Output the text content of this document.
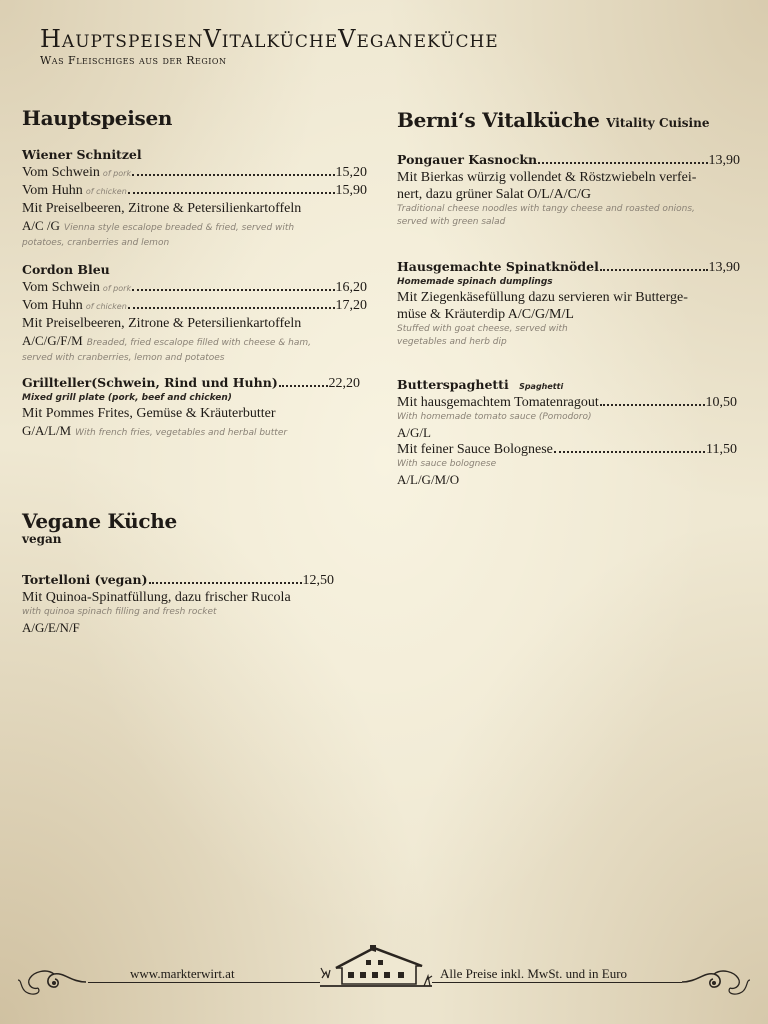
HauptspeisenVitalkücheVeganeküche
Was Fleischiges aus der Region
Hauptspeisen
Wiener Schnitzel
Vom Schwein of pork	15,20
Vom Huhn of chicken	15,90
Mit Preiselbeeren, Zitrone & Petersilienkartoffeln
A/C /G Vienna style escalope breaded & fried, served with
potatoes, cranberries and lemon
Cordon Bleu
Vom Schwein of pork	16,20
Vom Huhn of chicken	17,20
Mit Preiselbeeren, Zitrone & Petersilienkartoffeln
A/C/G/F/M Breaded, fried escalope filled with cheese & ham,
served with cranberries, lemon and potatoes
Grillteller(Schwein, Rind und Huhn)	22,20
Mixed grill plate (pork, beef and chicken)
Mit Pommes Frites, Gemüse & Kräuterbutter
G/A/L/M With french fries, vegetables and herbal butter
Vegane Küche
vegan
Tortelloni (vegan)	12,50
Mit Quinoa-Spinatfüllung, dazu frischer Rucola
with quinoa spinach filling and fresh rocket
A/G/E/N/F
Berni‘s Vitalküche Vitality Cuisine
Pongauer Kasnockn	13,90
Mit Bierkas würzig vollendet & Röstzwiebeln verfei-
nert, dazu grüner Salat O/L/A/C/G
Traditional cheese noodles with tangy cheese and roasted onions,
served with green salad
Hausgemachte Spinatknödel	13,90
Homemade spinach dumplings
Mit Ziegenkäsefüllung dazu servieren wir Butterge-
müse & Kräuterdip A/C/G/M/L
Stuffed with goat cheese, served with
vegetables and herb dip
Butterspaghetti Spaghetti
Mit hausgemachtem Tomatenragout	10,50
With homemade tomato sauce (Pomodoro)
A/G/L
Mit feiner Sauce Bolognese	11,50
With sauce bolognese
A/L/G/M/O
www.markterwirt.at	Alle Preise inkl. MwSt. und in Euro
